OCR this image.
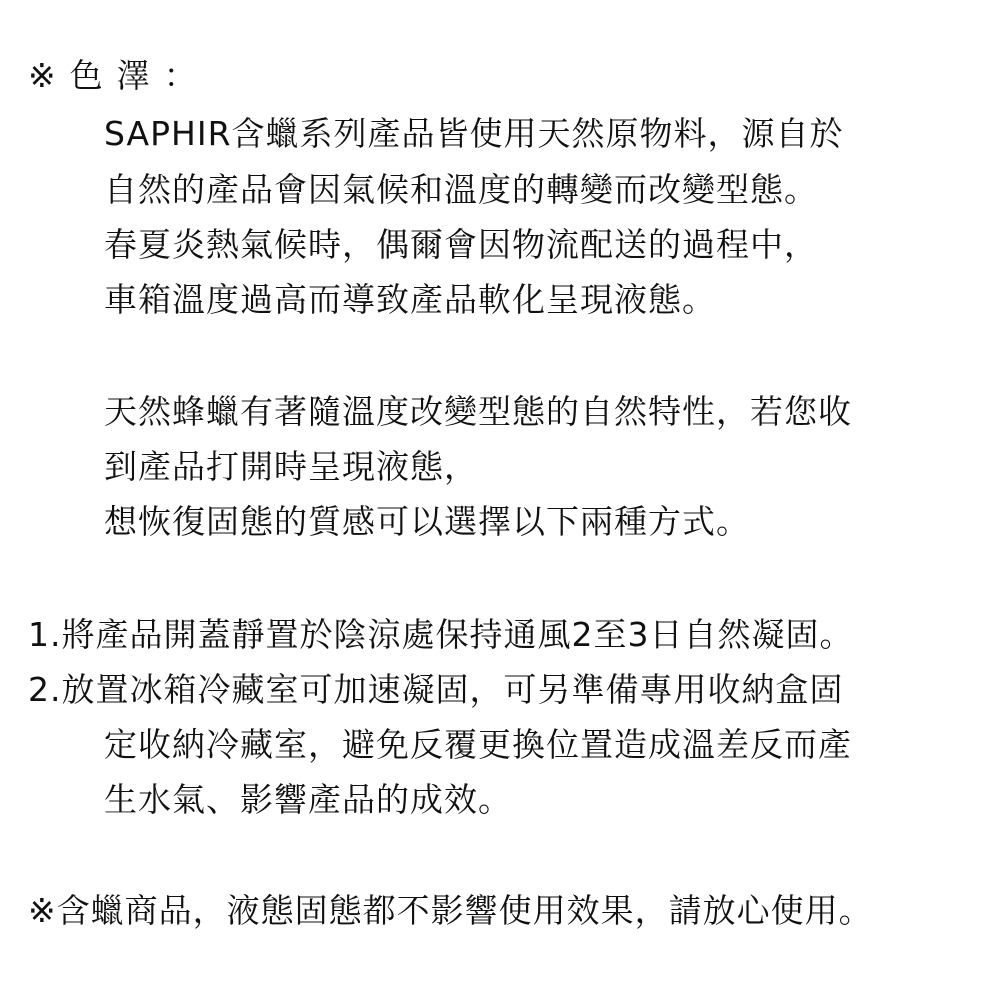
※色澤：
SAPHIR含蠟系列產品皆使用天然原物料，源自於
自然的產品會因氣候和溫度的轉變而改變型態。
春夏炎熱氣候時，偶爾會因物流配送的過程中，
車箱溫度過高而導致產品軟化呈現液態。
天然蜂蠟有著隨溫度改變型態的自然特性，若您收
到產品打開時呈現液態，
想恢復固態的質感可以選擇以下兩種方式。
1.將產品開蓋靜置於陰涼處保持通風2至3日自然凝固。
2.放置冰箱冷藏室可加速凝固，可另準備專用收納盒固
定收納冷藏室，避免反覆更換位置造成溫差反而產
生水氣、影響產品的成效。
※含蠟商品，液態固態都不影響使用效果，請放心使用。
